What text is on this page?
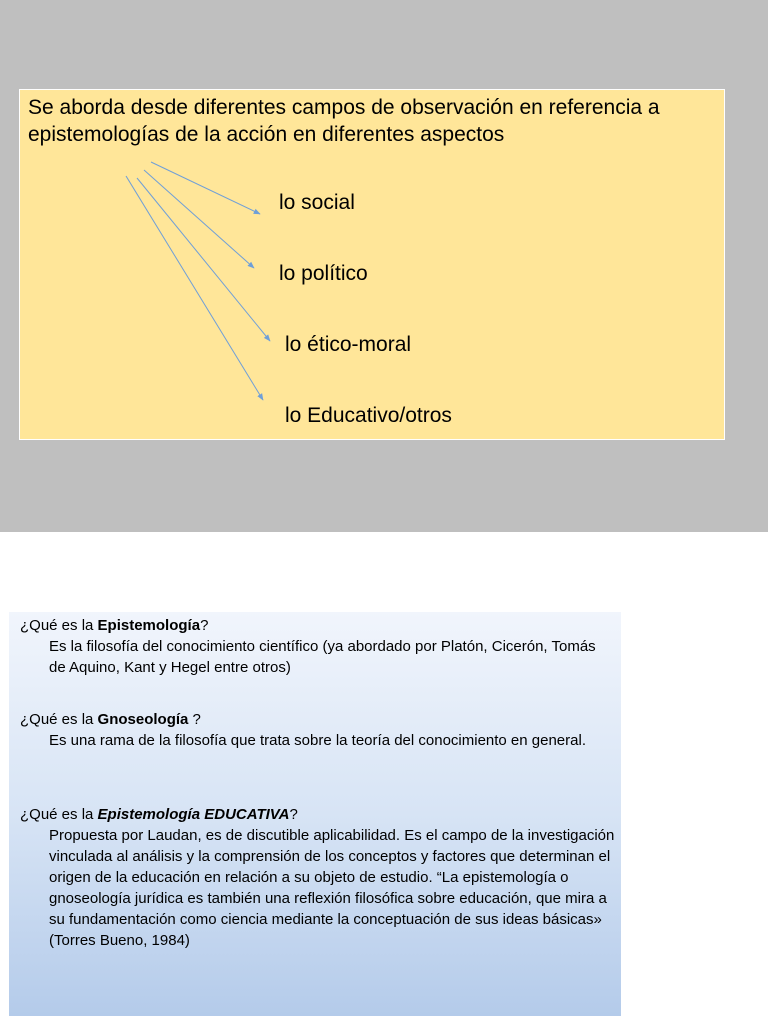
Se aborda desde diferentes campos de observación en referencia a epistemologías de la acción en diferentes aspectos

lo social

lo político

lo ético-moral

lo Educativo/otros

¿Qué es la Epistemología?

Es la filosofía del conocimiento científico (ya abordado por Platón, Cicerón, Tomás de Aquino, Kant y Hegel entre otros)

¿Qué es la Gnoseología ?

Es una rama de la filosofía que trata sobre la teoría del conocimiento en general.

¿Qué es la Epistemología EDUCATIVA?

Propuesta por Laudan, es de discutible aplicabilidad. Es el campo de la investigación vinculada al análisis y la comprensión de los conceptos y factores que determinan el origen de la educación en relación a su objeto de estudio. “La epistemología o gnoseología jurídica es también una reflexión filosófica sobre educación, que mira a su fundamentación como ciencia mediante la conceptuación de sus ideas básicas» (Torres Bueno, 1984)
